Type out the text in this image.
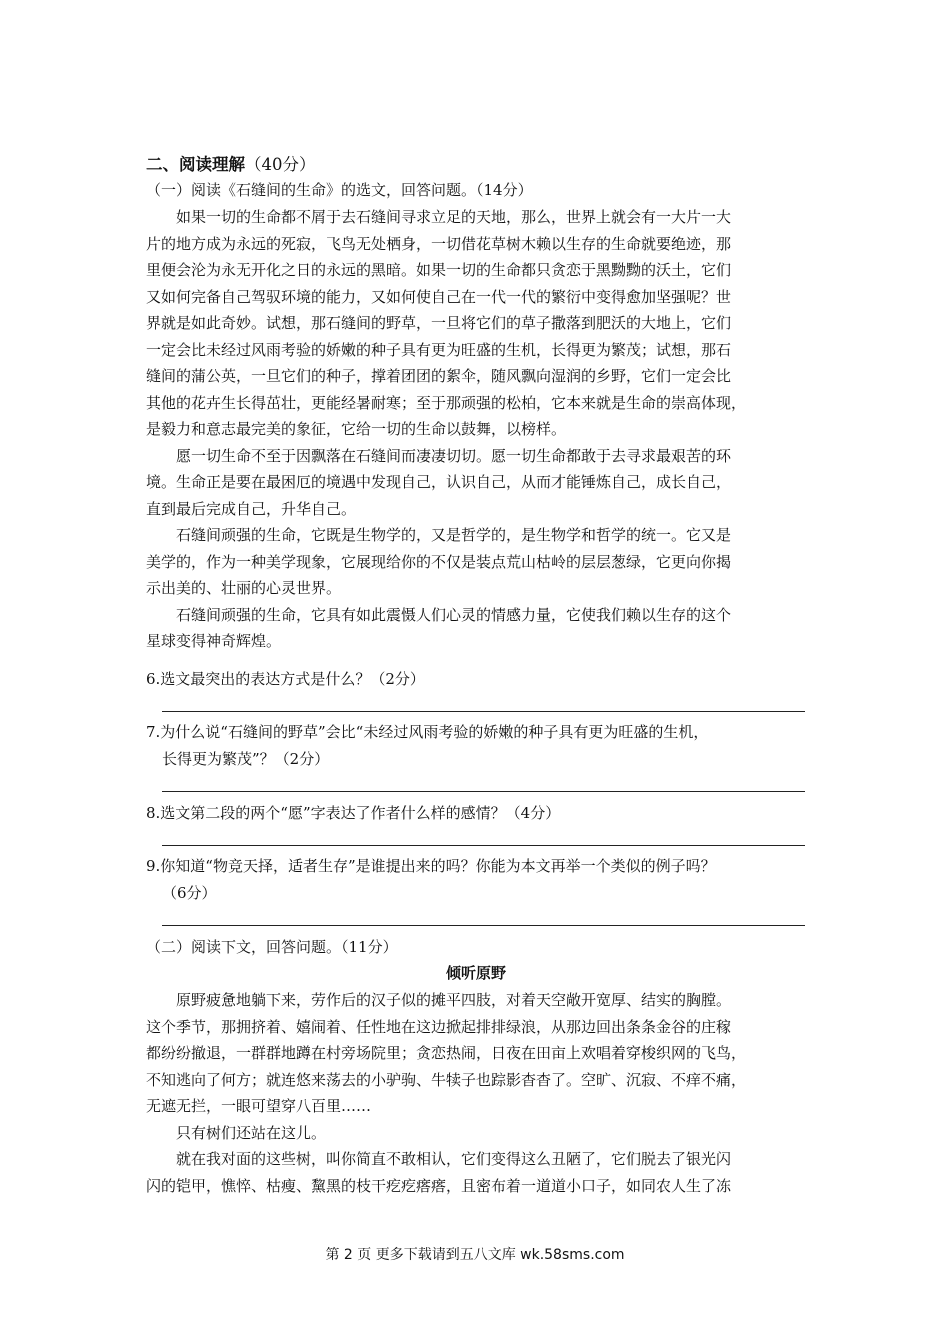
二、阅读理解（40分）
（一）阅读《石缝间的生命》的选文，回答问题。（14分）
如果一切的生命都不屑于去石缝间寻求立足的天地，那么，世界上就会有一大片一大
片的地方成为永远的死寂，飞鸟无处栖身，一切借花草树木赖以生存的生命就要绝迹，那
里便会沦为永无开化之日的永远的黑暗。如果一切的生命都只贪恋于黑黝黝的沃土，它们
又如何完备自己驾驭环境的能力，又如何使自己在一代一代的繁衍中变得愈加坚强呢？世
界就是如此奇妙。试想，那石缝间的野草，一旦将它们的草子撒落到肥沃的大地上，它们
一定会比未经过风雨考验的娇嫩的种子具有更为旺盛的生机，长得更为繁茂；试想，那石
缝间的蒲公英，一旦它们的种子，撑着团团的絮伞，随风飘向湿润的乡野，它们一定会比
其他的花卉生长得茁壮，更能经暑耐寒；至于那顽强的松柏，它本来就是生命的崇高体现，
是毅力和意志最完美的象征，它给一切的生命以鼓舞，以榜样。
愿一切生命不至于因飘落在石缝间而凄凄切切。愿一切生命都敢于去寻求最艰苦的环
境。生命正是要在最困厄的境遇中发现自己，认识自己，从而才能锤炼自己，成长自己，
直到最后完成自己，升华自己。
石缝间顽强的生命，它既是生物学的，又是哲学的，是生物学和哲学的统一。它又是
美学的，作为一种美学现象，它展现给你的不仅是装点荒山枯岭的层层葱绿，它更向你揭
示出美的、壮丽的心灵世界。
石缝间顽强的生命，它具有如此震慑人们心灵的情感力量，它使我们赖以生存的这个
星球变得神奇辉煌。
6.选文最突出的表达方式是什么？（2分）
7.为什么说“石缝间的野草”会比“未经过风雨考验的娇嫩的种子具有更为旺盛的生机，
长得更为繁茂”？（2分）
8.选文第二段的两个“愿”字表达了作者什么样的感情？（4分）
9.你知道“物竞天择，适者生存”是谁提出来的吗？你能为本文再举一个类似的例子吗？
（6分）
（二）阅读下文，回答问题。（11分）
倾听原野
原野疲惫地躺下来，劳作后的汉子似的摊平四肢，对着天空敞开宽厚、结实的胸膛。
这个季节，那拥挤着、嬉闹着、任性地在这边掀起排排绿浪，从那边回出条条金谷的庄稼
都纷纷撤退，一群群地蹲在村旁场院里；贪恋热闹，日夜在田亩上欢唱着穿梭织网的飞鸟，
不知逃向了何方；就连悠来荡去的小驴驹、牛犊子也踪影杳杳了。空旷、沉寂、不痒不痛，
无遮无拦，一眼可望穿八百里……
只有树们还站在这儿。
就在我对面的这些树，叫你简直不敢相认，它们变得这么丑陋了，它们脱去了银光闪
闪的铠甲，憔悴、枯瘦、黧黑的枝干疙疙瘩瘩，且密布着一道道小口子，如同农人生了冻
第 2 页 更多下载请到五八文库 wk.58sms.com
